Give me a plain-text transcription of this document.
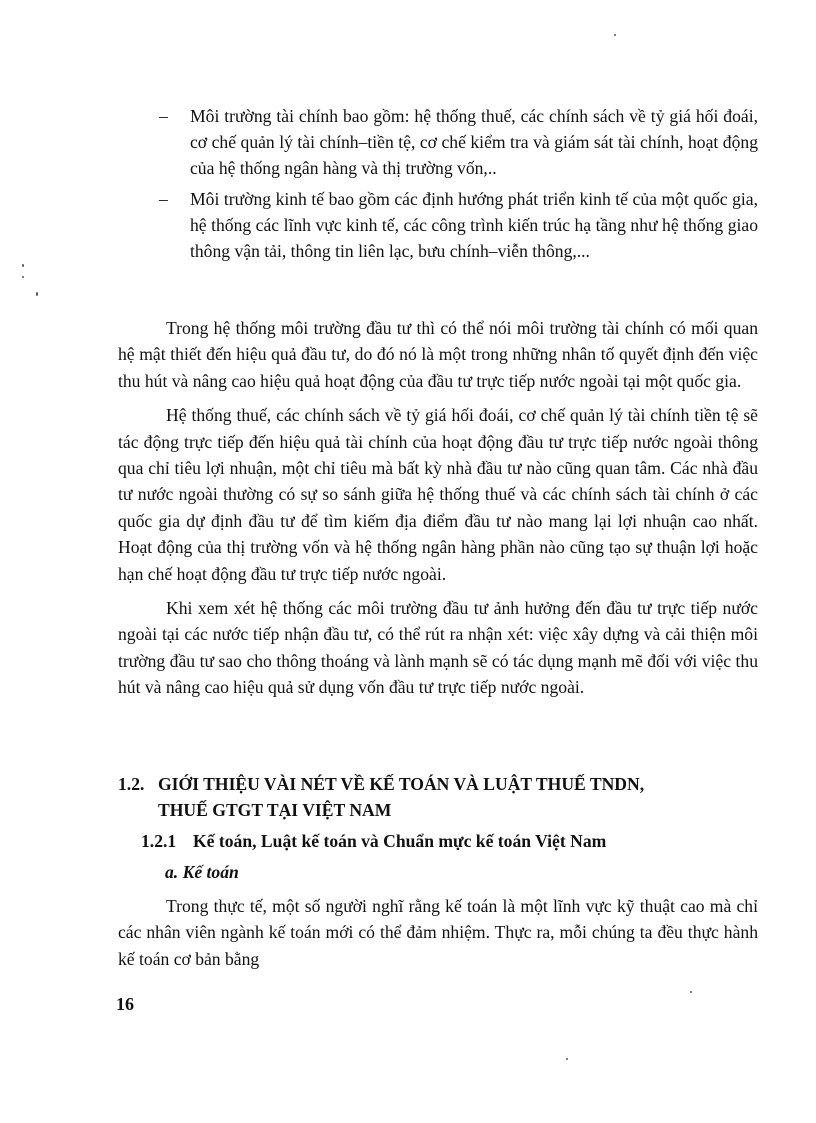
– Môi trường tài chính bao gồm: hệ thống thuế, các chính sách về tỷ giá hối đoái, cơ chế quản lý tài chính–tiền tệ, cơ chế kiểm tra và giám sát tài chính, hoạt động của hệ thống ngân hàng và thị trường vốn,..
– Môi trường kinh tế bao gồm các định hướng phát triển kinh tế của một quốc gia, hệ thống các lĩnh vực kinh tế, các công trình kiến trúc hạ tầng như hệ thống giao thông vận tải, thông tin liên lạc, bưu chính–viễn thông,...

Trong hệ thống môi trường đầu tư thì có thể nói môi trường tài chính có mối quan hệ mật thiết đến hiệu quả đầu tư, do đó nó là một trong những nhân tố quyết định đến việc thu hút và nâng cao hiệu quả hoạt động của đầu tư trực tiếp nước ngoài tại một quốc gia.

Hệ thống thuế, các chính sách về tỷ giá hối đoái, cơ chế quản lý tài chính tiền tệ sẽ tác động trực tiếp đến hiệu quả tài chính của hoạt động đầu tư trực tiếp nước ngoài thông qua chỉ tiêu lợi nhuận, một chỉ tiêu mà bất kỳ nhà đầu tư nào cũng quan tâm. Các nhà đầu tư nước ngoài thường có sự so sánh giữa hệ thống thuế và các chính sách tài chính ở các quốc gia dự định đầu tư để tìm kiếm địa điểm đầu tư nào mang lại lợi nhuận cao nhất. Hoạt động của thị trường vốn và hệ thống ngân hàng phần nào cũng tạo sự thuận lợi hoặc hạn chế hoạt động đầu tư trực tiếp nước ngoài.

Khi xem xét hệ thống các môi trường đầu tư ảnh hưởng đến đầu tư trực tiếp nước ngoài tại các nước tiếp nhận đầu tư, có thể rút ra nhận xét: việc xây dựng và cải thiện môi trường đầu tư sao cho thông thoáng và lành mạnh sẽ có tác dụng mạnh mẽ đối với việc thu hút và nâng cao hiệu quả sử dụng vốn đầu tư trực tiếp nước ngoài.

1.2. GIỚI THIỆU VÀI NÉT VỀ KẾ TOÁN VÀ LUẬT THUẾ TNDN,
THUẾ GTGT TẠI VIỆT NAM
1.2.1 Kế toán, Luật kế toán và Chuẩn mực kế toán Việt Nam
a. Kế toán

Trong thực tế, một số người nghĩ rằng kế toán là một lĩnh vực kỹ thuật cao mà chỉ các nhân viên ngành kế toán mới có thể đảm nhiệm. Thực ra, mỗi chúng ta đều thực hành kế toán cơ bản bằng

16
